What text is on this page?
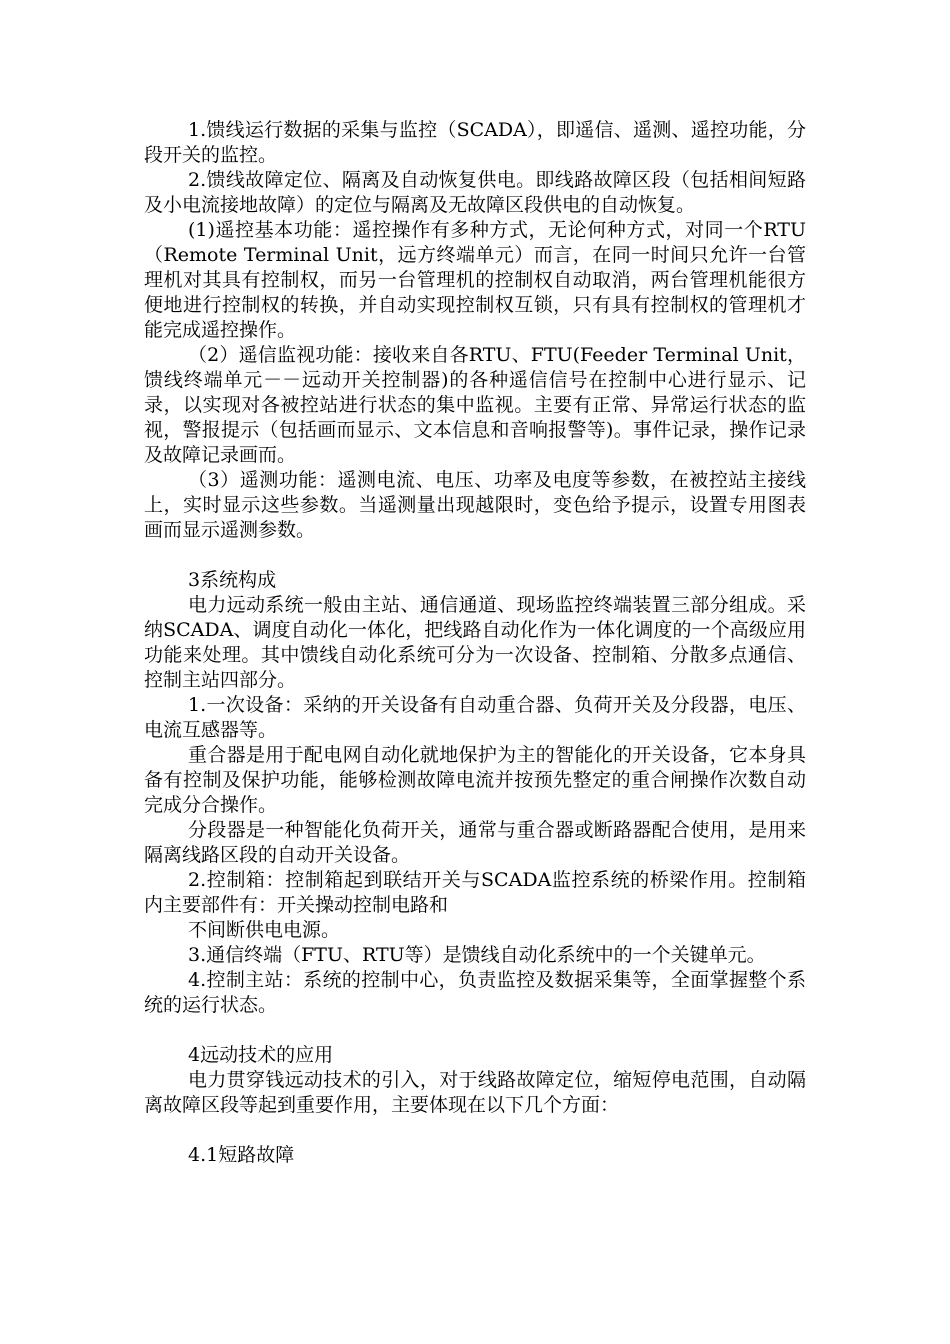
1.馈线运行数据的采集与监控（SCADA），即遥信、遥测、遥控功能，分段开关的监控。

2.馈线故障定位、隔离及自动恢复供电。即线路故障区段（包括相间短路及小电流接地故障）的定位与隔离及无故障区段供电的自动恢复。

(1)遥控基本功能：遥控操作有多种方式，无论何种方式，对同一个RTU（Remote Terminal Unit，远方终端单元）而言，在同一时间只允许一台管理机对其具有控制权，而另一台管理机的控制权自动取消，两台管理机能很方便地进行控制权的转换，并自动实现控制权互锁，只有具有控制权的管理机才能完成遥控操作。

（2）遥信监视功能：接收来自各RTU、FTU(Feeder Terminal Unit，馈线终端单元－－远动开关控制器)的各种遥信信号在控制中心进行显示、记录，以实现对各被控站进行状态的集中监视。主要有正常、异常运行状态的监视，警报提示（包括画而显示、文本信息和音响报警等)。事件记录，操作记录及故障记录画而。

（3）遥测功能：遥测电流、电压、功率及电度等参数，在被控站主接线上，实时显示这些参数。当遥测量出现越限时，变色给予提示，设置专用图表画而显示遥测参数。

3系统构成

电力远动系统一般由主站、通信通道、现场监控终端装置三部分组成。采纳SCADA、调度自动化一体化，把线路自动化作为一体化调度的一个高级应用功能来处理。其中馈线自动化系统可分为一次设备、控制箱、分散多点通信、控制主站四部分。

1.一次设备：采纳的开关设备有自动重合器、负荷开关及分段器，电压、电流互感器等。

重合器是用于配电网自动化就地保护为主的智能化的开关设备，它本身具备有控制及保护功能，能够检测故障电流并按预先整定的重合闸操作次数自动完成分合操作。

分段器是一种智能化负荷开关，通常与重合器或断路器配合使用，是用来隔离线路区段的自动开关设备。

2.控制箱：控制箱起到联结开关与SCADA监控系统的桥梁作用。控制箱内主要部件有：开关操动控制电路和

不间断供电电源。

3.通信终端（FTU、RTU等）是馈线自动化系统中的一个关键单元。

4.控制主站：系统的控制中心，负责监控及数据采集等，全面掌握整个系统的运行状态。

4远动技术的应用

电力贯穿钱远动技术的引入，对于线路故障定位，缩短停电范围，自动隔离故障区段等起到重要作用，主要体现在以下几个方面：

4.1短路故障
